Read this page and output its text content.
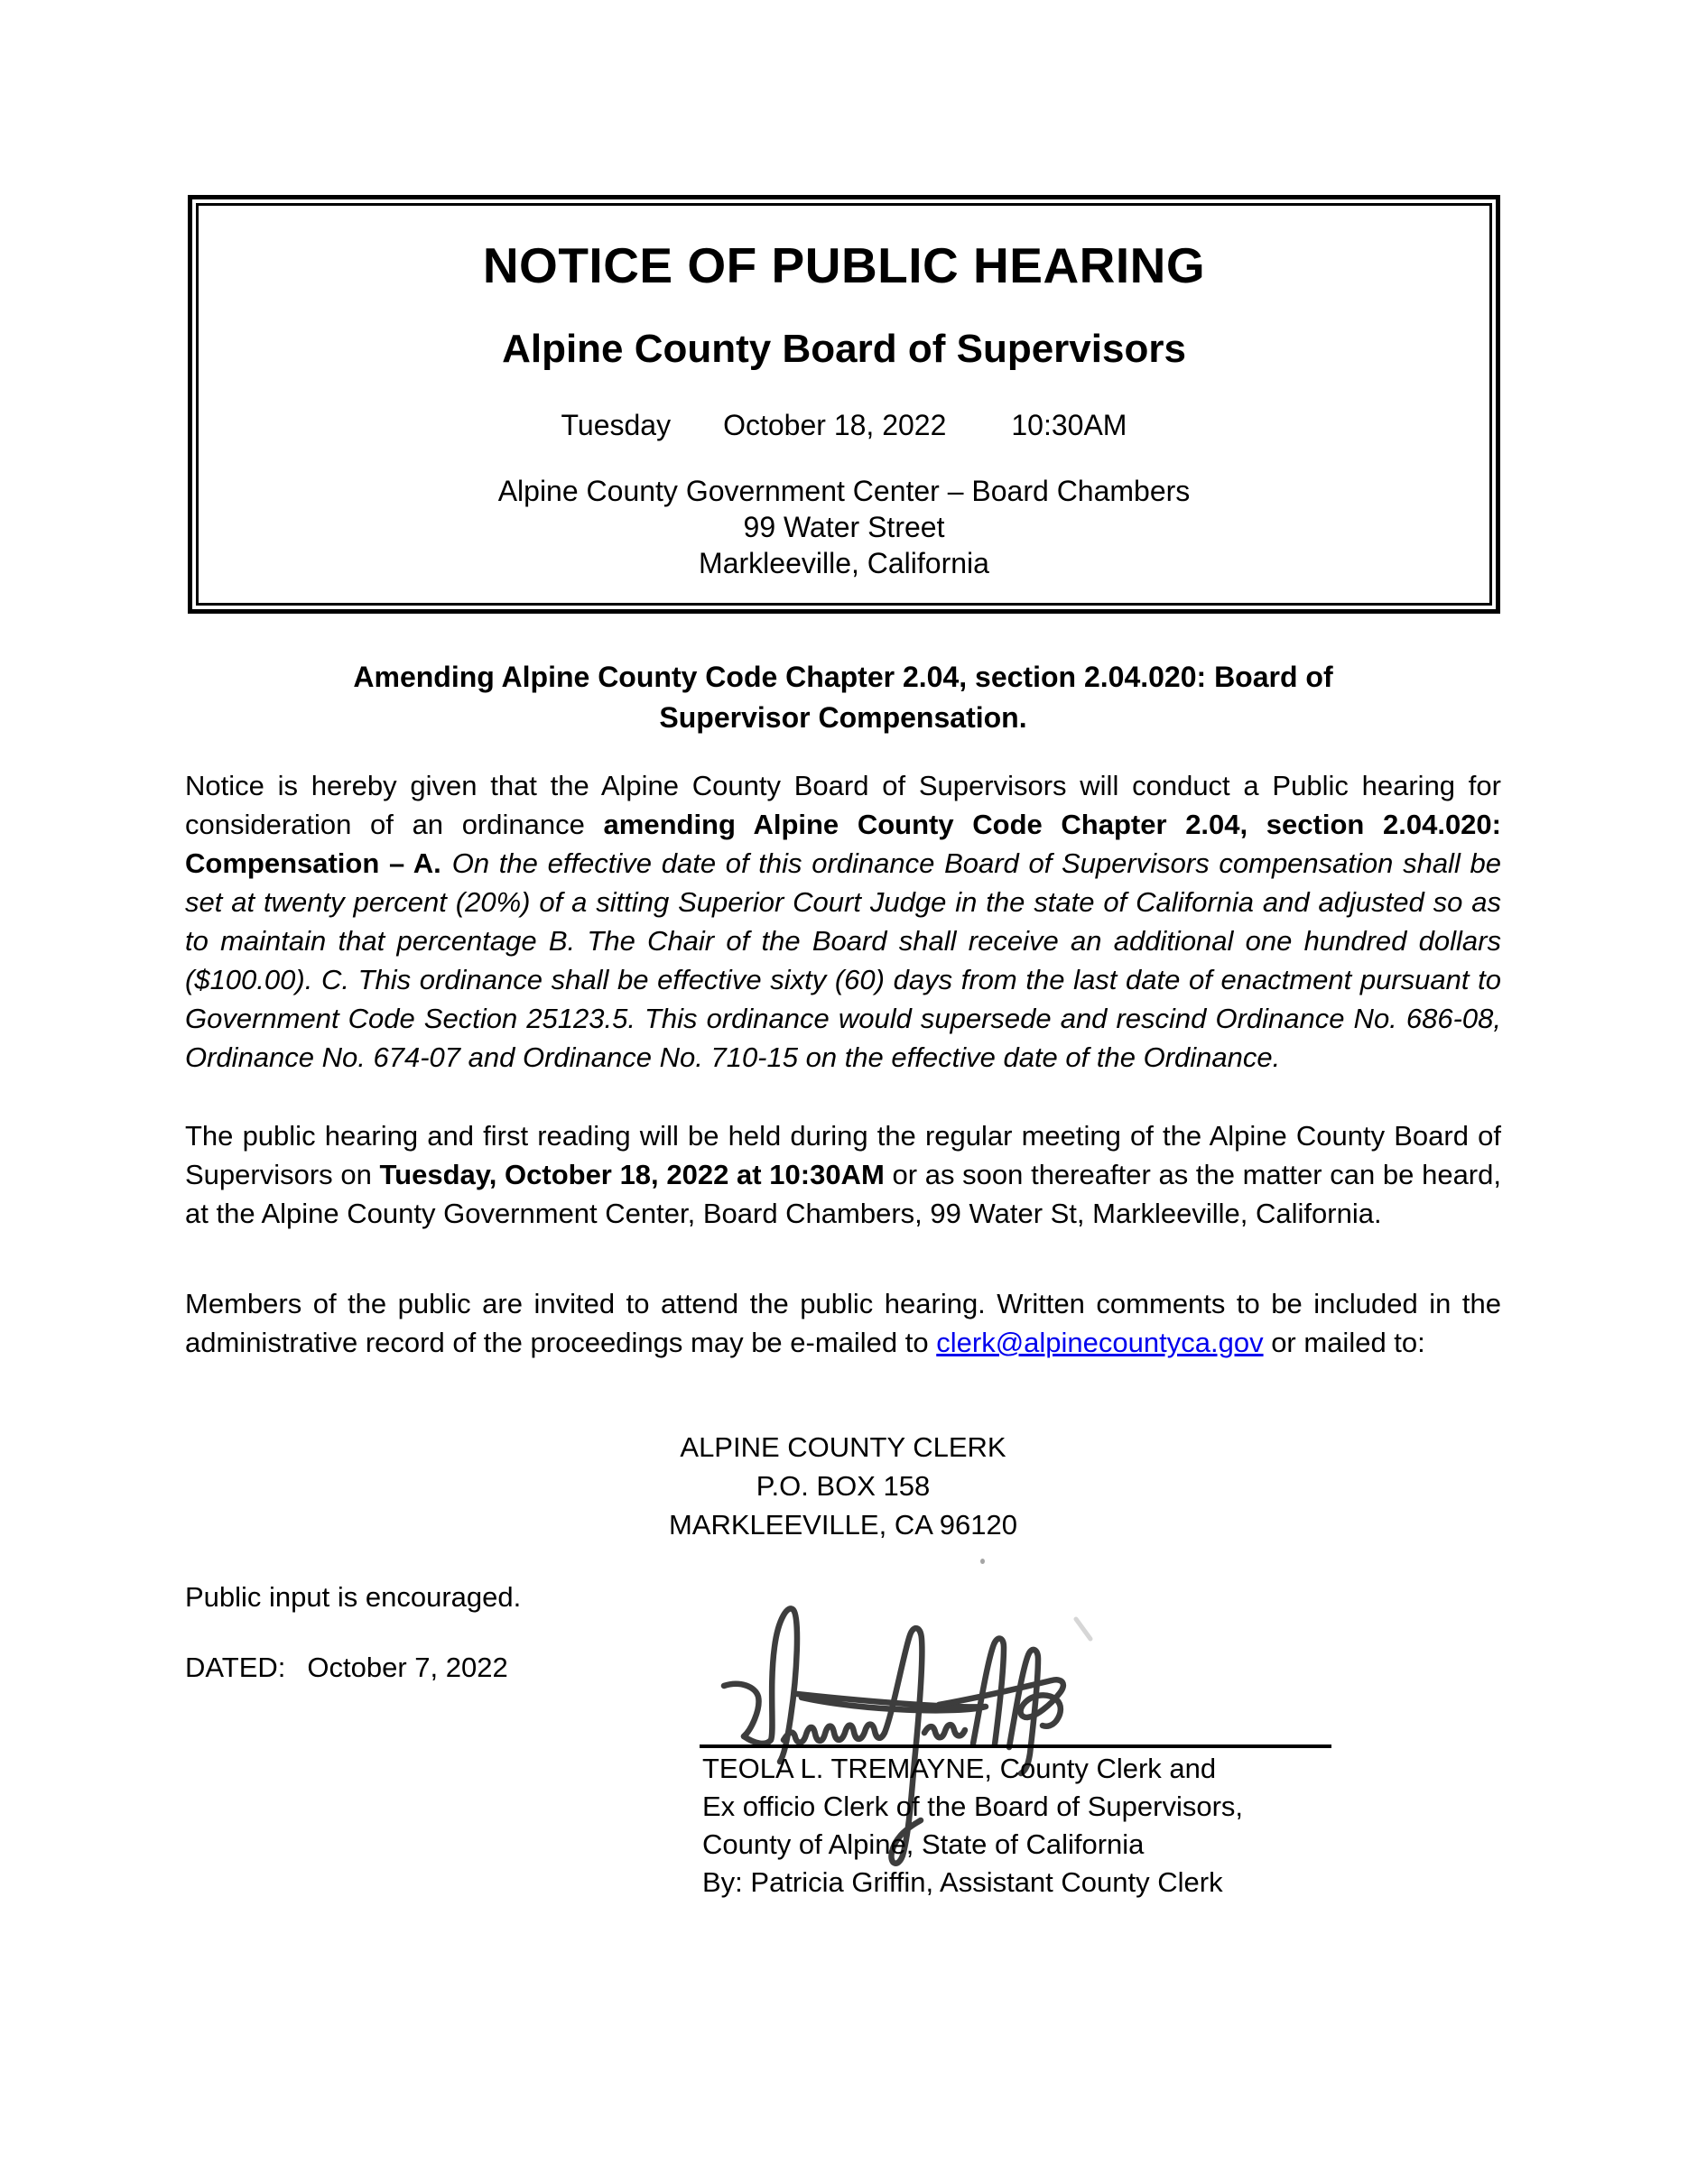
NOTICE OF PUBLIC HEARING
Alpine County Board of Supervisors
Tuesday October 18, 2022 10:30AM
Alpine County Government Center – Board Chambers
99 Water Street
Markleeville, California
Amending Alpine County Code Chapter 2.04, section 2.04.020: Board of
Supervisor Compensation.
Notice is hereby given that the Alpine County Board of Supervisors will conduct a Public hearing for consideration of an ordinance amending Alpine County Code Chapter 2.04, section 2.04.020: Compensation – A. On the effective date of this ordinance Board of Supervisors compensation shall be set at twenty percent (20%) of a sitting Superior Court Judge in the state of California and adjusted so as to maintain that percentage B. The Chair of the Board shall receive an additional one hundred dollars ($100.00). C. This ordinance shall be effective sixty (60) days from the last date of enactment pursuant to Government Code Section 25123.5. This ordinance would supersede and rescind Ordinance No. 686-08, Ordinance No. 674-07 and Ordinance No. 710-15 on the effective date of the Ordinance.
The public hearing and first reading will be held during the regular meeting of the Alpine County Board of Supervisors on Tuesday, October 18, 2022 at 10:30AM or as soon thereafter as the matter can be heard, at the Alpine County Government Center, Board Chambers, 99 Water St, Markleeville, California.
Members of the public are invited to attend the public hearing. Written comments to be included in the administrative record of the proceedings may be e-mailed to clerk@alpinecountyca.gov or mailed to:
ALPINE COUNTY CLERK
P.O. BOX 158
MARKLEEVILLE, CA 96120
Public input is encouraged.
DATED: October 7, 2022
TEOLA L. TREMAYNE, County Clerk and
Ex officio Clerk of the Board of Supervisors,
County of Alpine, State of California
By: Patricia Griffin, Assistant County Clerk
